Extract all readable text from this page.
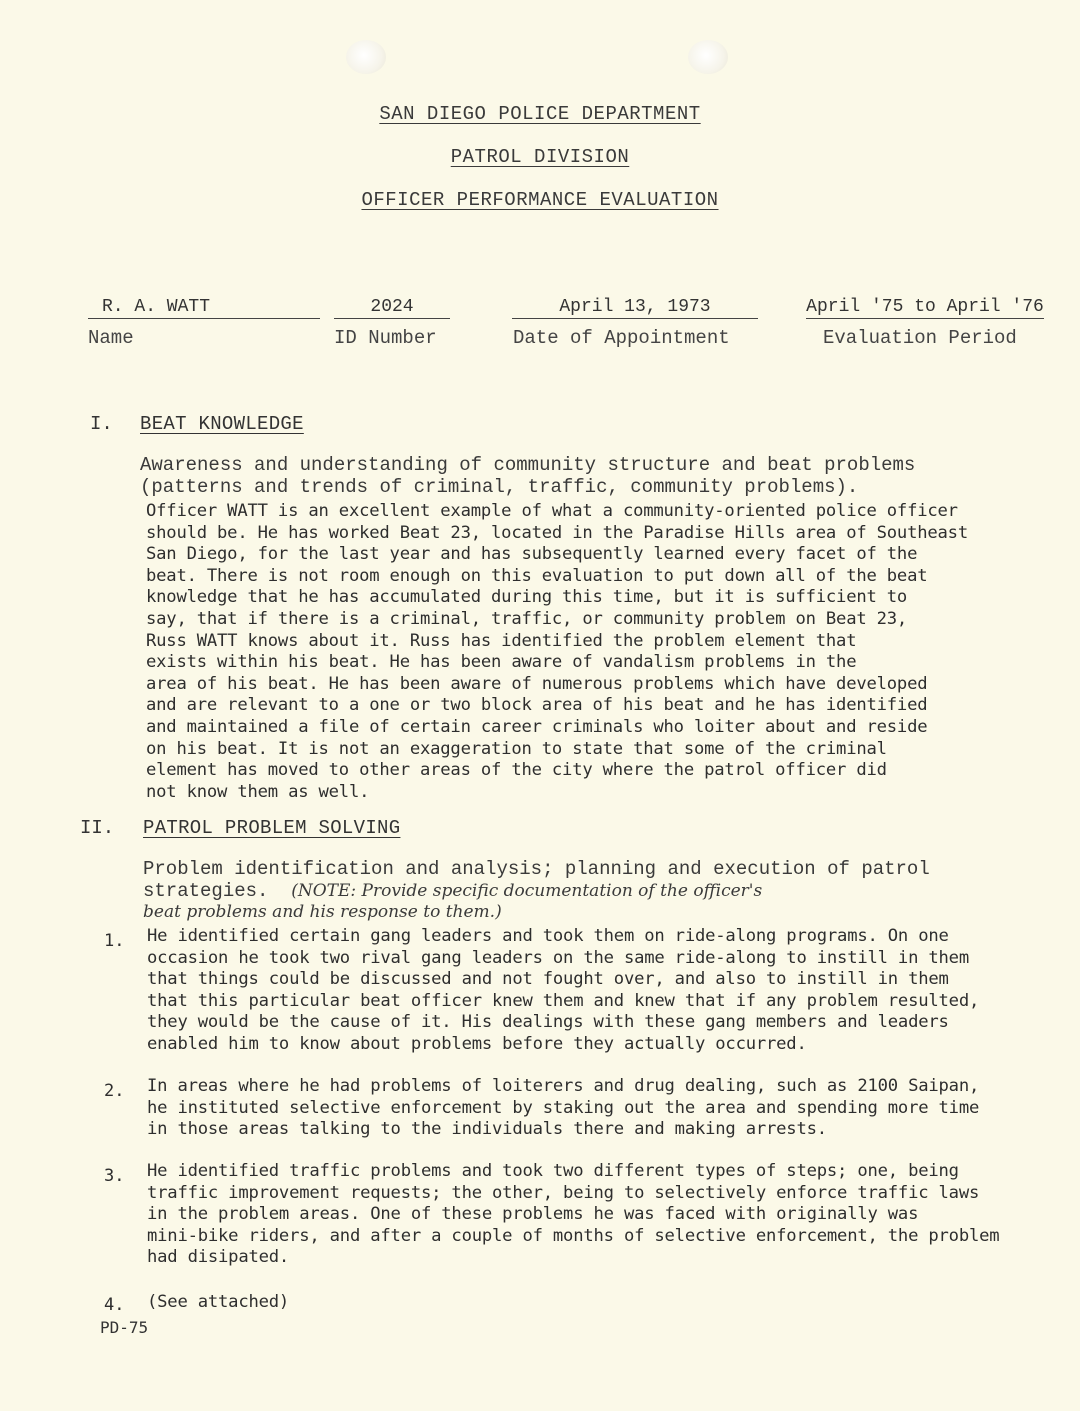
SAN DIEGO POLICE DEPARTMENT
PATROL DIVISION
OFFICER PERFORMANCE EVALUATION
R. A. WATT
Name
2024
ID Number
April 13, 1973
Date of Appointment
April '75 to April '76
Evaluation Period
I. BEAT KNOWLEDGE
Awareness and understanding of community structure and beat problems
(patterns and trends of criminal, traffic, community problems).
Officer WATT is an excellent example of what a community-oriented police officer
should be. He has worked Beat 23, located in the Paradise Hills area of Southeast
San Diego, for the last year and has subsequently learned every facet of the
beat. There is not room enough on this evaluation to put down all of the beat
knowledge that he has accumulated during this time, but it is sufficient to
say, that if there is a criminal, traffic, or community problem on Beat 23,
Russ WATT knows about it. Russ has identified the problem element that
exists within his beat. He has been aware of vandalism problems in the
area of his beat. He has been aware of numerous problems which have developed
and are relevant to a one or two block area of his beat and he has identified
and maintained a file of certain career criminals who loiter about and reside
on his beat. It is not an exaggeration to state that some of the criminal
element has moved to other areas of the city where the patrol officer did
not know them as well.
II. PATROL PROBLEM SOLVING
Problem identification and analysis; planning and execution of patrol
strategies. (NOTE: Provide specific documentation of the officer's
beat problems and his response to them.)
1. He identified certain gang leaders and took them on ride-along programs. On one
occasion he took two rival gang leaders on the same ride-along to instill in them
that things could be discussed and not fought over, and also to instill in them
that this particular beat officer knew them and knew that if any problem resulted,
they would be the cause of it. His dealings with these gang members and leaders
enabled him to know about problems before they actually occurred.
2. In areas where he had problems of loiterers and drug dealing, such as 2100 Saipan,
he instituted selective enforcement by staking out the area and spending more time
in those areas talking to the individuals there and making arrests.
3. He identified traffic problems and took two different types of steps; one, being
traffic improvement requests; the other, being to selectively enforce traffic laws
in the problem areas. One of these problems he was faced with originally was
mini-bike riders, and after a couple of months of selective enforcement, the problem
had disipated.
4. (See attached)
PD-75
